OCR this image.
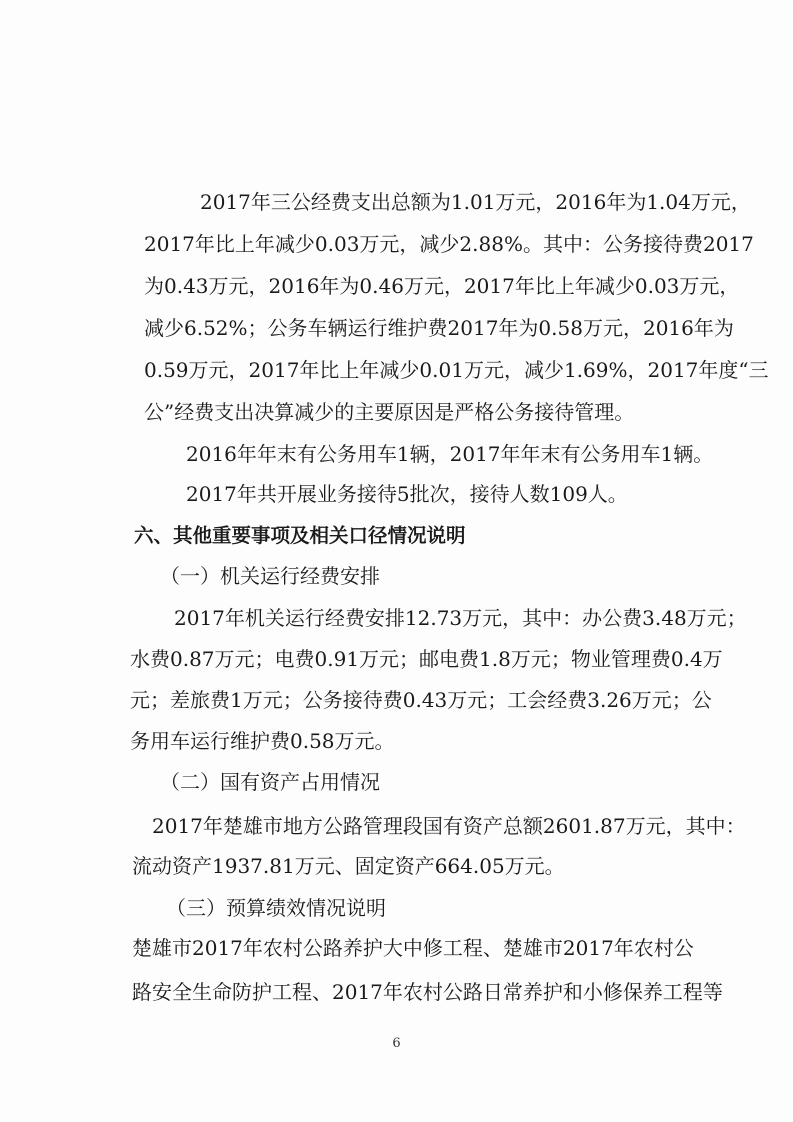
2017年三公经费支出总额为1.01万元，2016年为1.04万元，
2017年比上年减少0.03万元，减少2.88%。其中：公务接待费2017
为0.43万元，2016年为0.46万元，2017年比上年减少0.03万元，
减少6.52%；公务车辆运行维护费2017年为0.58万元，2016年为
0.59万元，2017年比上年减少0.01万元，减少1.69%，2017年度“三
公”经费支出决算减少的主要原因是严格公务接待管理。
2016年年末有公务用车1辆，2017年年末有公务用车1辆。
2017年共开展业务接待5批次，接待人数109人。
六、其他重要事项及相关口径情况说明
（一）机关运行经费安排
2017年机关运行经费安排12.73万元，其中：办公费3.48万元；
水费0.87万元；电费0.91万元；邮电费1.8万元；物业管理费0.4万
元；差旅费1万元；公务接待费0.43万元；工会经费3.26万元；公
务用车运行维护费0.58万元。
（二）国有资产占用情况
2017年楚雄市地方公路管理段国有资产总额2601.87万元，其中：
流动资产1937.81万元、固定资产664.05万元。
（三）预算绩效情况说明
楚雄市2017年农村公路养护大中修工程、楚雄市2017年农村公
路安全生命防护工程、2017年农村公路日常养护和小修保养工程等
6
